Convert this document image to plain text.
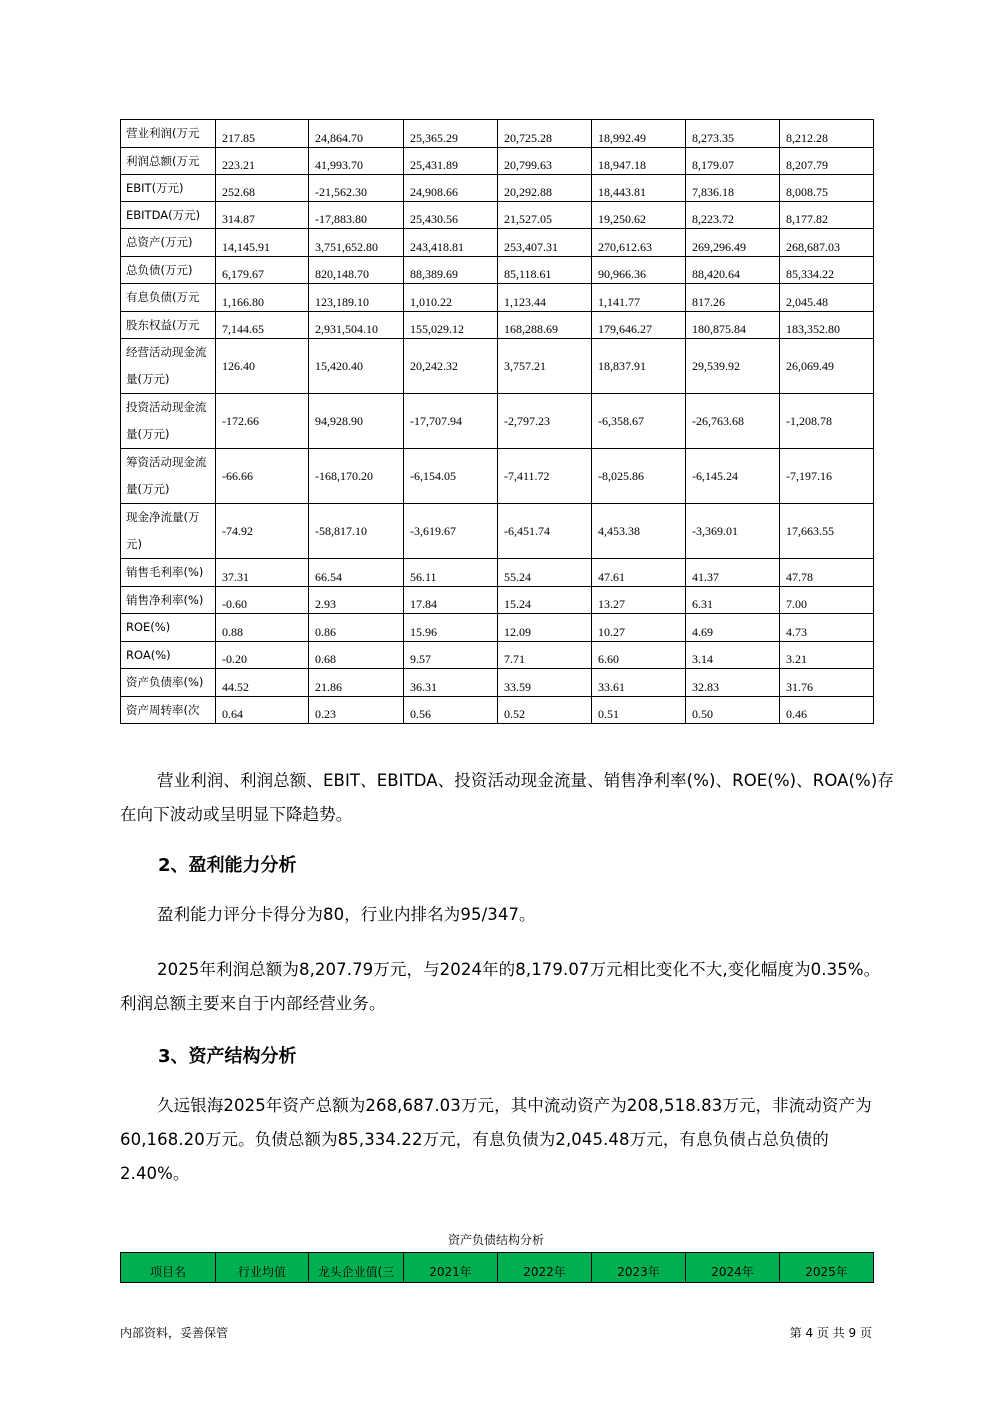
营业利润(万元	217.85	24,864.70	25,365.29	20,725.28	18,992.49	8,273.35	8,212.28
利润总额(万元	223.21	41,993.70	25,431.89	20,799.63	18,947.18	8,179.07	8,207.79
EBIT(万元)	252.68	-21,562.30	24,908.66	20,292.88	18,443.81	7,836.18	8,008.75
EBITDA(万元)	314.87	-17,883.80	25,430.56	21,527.05	19,250.62	8,223.72	8,177.82
总资产(万元)	14,145.91	3,751,652.80	243,418.81	253,407.31	270,612.63	269,296.49	268,687.03
总负债(万元)	6,179.67	820,148.70	88,389.69	85,118.61	90,966.36	88,420.64	85,334.22
有息负债(万元	1,166.80	123,189.10	1,010.22	1,123.44	1,141.77	817.26	2,045.48
股东权益(万元	7,144.65	2,931,504.10	155,029.12	168,288.69	179,646.27	180,875.84	183,352.80
经营活动现金流量(万元)	126.40	15,420.40	20,242.32	3,757.21	18,837.91	29,539.92	26,069.49
投资活动现金流量(万元)	-172.66	94,928.90	-17,707.94	-2,797.23	-6,358.67	-26,763.68	-1,208.78
筹资活动现金流量(万元)	-66.66	-168,170.20	-6,154.05	-7,411.72	-8,025.86	-6,145.24	-7,197.16
现金净流量(万元)	-74.92	-58,817.10	-3,619.67	-6,451.74	4,453.38	-3,369.01	17,663.55
销售毛利率(%)	37.31	66.54	56.11	55.24	47.61	41.37	47.78
销售净利率(%)	-0.60	2.93	17.84	15.24	13.27	6.31	7.00
ROE(%)	0.88	0.86	15.96	12.09	10.27	4.69	4.73
ROA(%)	-0.20	0.68	9.57	7.71	6.60	3.14	3.21
资产负债率(%)	44.52	21.86	36.31	33.59	33.61	32.83	31.76
资产周转率(次	0.64	0.23	0.56	0.52	0.51	0.50	0.46

营业利润、利润总额、EBIT、EBITDA、投资活动现金流量、销售净利率(%)、ROE(%)、ROA(%)存在向下波动或呈明显下降趋势。

2、盈利能力分析

盈利能力评分卡得分为80，行业内排名为95/347。

2025年利润总额为8,207.79万元，与2024年的8,179.07万元相比变化不大,变化幅度为0.35%。利润总额主要来自于内部经营业务。

3、资产结构分析

久远银海2025年资产总额为268,687.03万元，其中流动资产为208,518.83万元，非流动资产为60,168.20万元。负债总额为85,334.22万元，有息负债为2,045.48万元，有息负债占总负债的2.40%。

资产负债结构分析
项目名	行业均值	龙头企业值(三	2021年	2022年	2023年	2024年	2025年
内部资料，妥善保管	第 4 页 共 9 页
